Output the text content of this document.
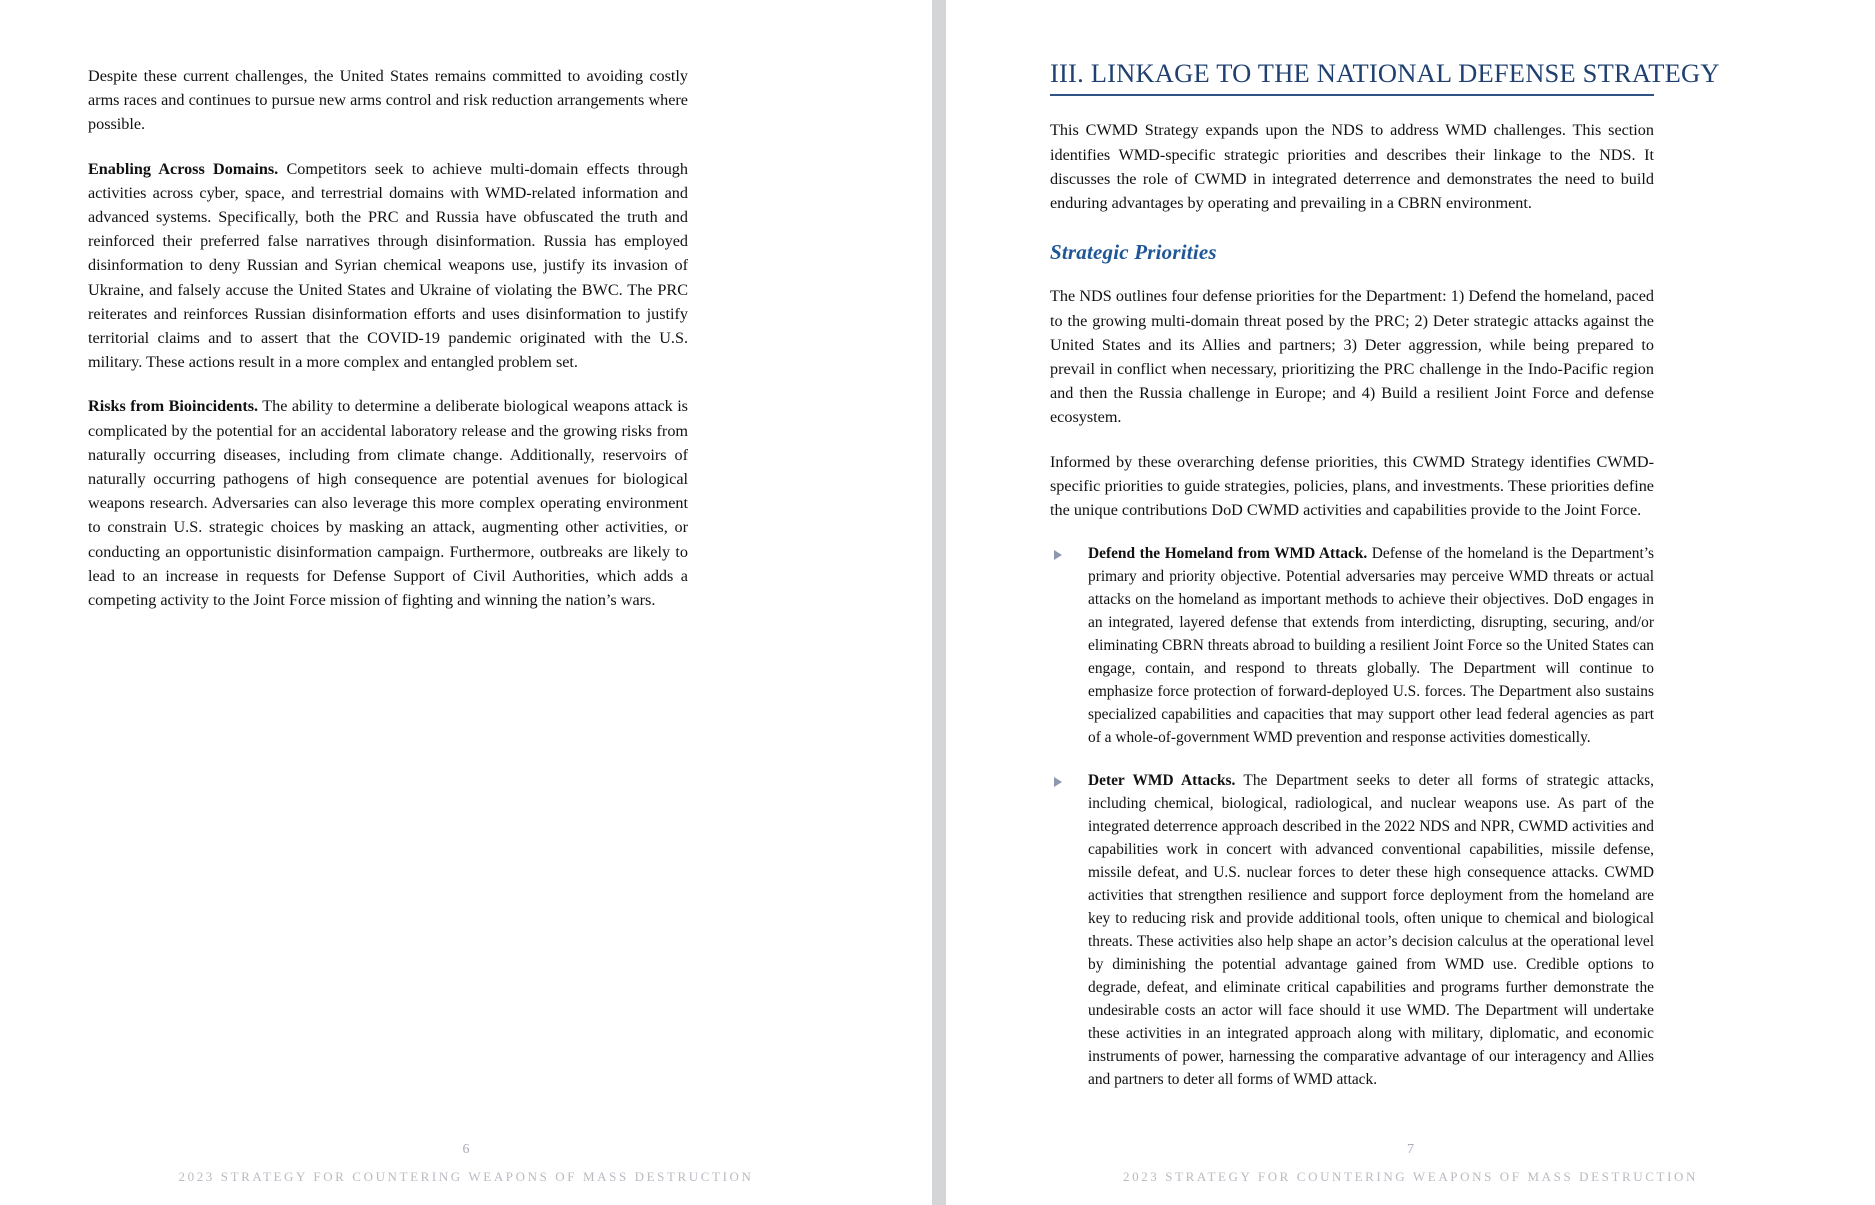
Despite these current challenges, the United States remains committed to avoiding costly arms races and continues to pursue new arms control and risk reduction arrangements where possible.

Enabling Across Domains. Competitors seek to achieve multi-domain effects through activities across cyber, space, and terrestrial domains with WMD-related information and advanced systems. Specifically, both the PRC and Russia have obfuscated the truth and reinforced their preferred false narratives through disinformation. Russia has employed disinformation to deny Russian and Syrian chemical weapons use, justify its invasion of Ukraine, and falsely accuse the United States and Ukraine of violating the BWC. The PRC reiterates and reinforces Russian disinformation efforts and uses disinformation to justify territorial claims and to assert that the COVID-19 pandemic originated with the U.S. military. These actions result in a more complex and entangled problem set.

Risks from Bioincidents. The ability to determine a deliberate biological weapons attack is complicated by the potential for an accidental laboratory release and the growing risks from naturally occurring diseases, including from climate change. Additionally, reservoirs of naturally occurring pathogens of high consequence are potential avenues for biological weapons research. Adversaries can also leverage this more complex operating environment to constrain U.S. strategic choices by masking an attack, augmenting other activities, or conducting an opportunistic disinformation campaign. Furthermore, outbreaks are likely to lead to an increase in requests for Defense Support of Civil Authorities, which adds a competing activity to the Joint Force mission of fighting and winning the nation’s wars.

6
2023 STRATEGY FOR COUNTERING WEAPONS OF MASS DESTRUCTION
III. LINKAGE TO THE NATIONAL DEFENSE STRATEGY

This CWMD Strategy expands upon the NDS to address WMD challenges. This section identifies WMD-specific strategic priorities and describes their linkage to the NDS. It discusses the role of CWMD in integrated deterrence and demonstrates the need to build enduring advantages by operating and prevailing in a CBRN environment.

Strategic Priorities

The NDS outlines four defense priorities for the Department: 1) Defend the homeland, paced to the growing multi-domain threat posed by the PRC; 2) Deter strategic attacks against the United States and its Allies and partners; 3) Deter aggression, while being prepared to prevail in conflict when necessary, prioritizing the PRC challenge in the Indo-Pacific region and then the Russia challenge in Europe; and 4) Build a resilient Joint Force and defense ecosystem.

Informed by these overarching defense priorities, this CWMD Strategy identifies CWMD-specific priorities to guide strategies, policies, plans, and investments. These priorities define the unique contributions DoD CWMD activities and capabilities provide to the Joint Force.

Defend the Homeland from WMD Attack. Defense of the homeland is the Department’s primary and priority objective. Potential adversaries may perceive WMD threats or actual attacks on the homeland as important methods to achieve their objectives. DoD engages in an integrated, layered defense that extends from interdicting, disrupting, securing, and/or eliminating CBRN threats abroad to building a resilient Joint Force so the United States can engage, contain, and respond to threats globally. The Department will continue to emphasize force protection of forward-deployed U.S. forces. The Department also sustains specialized capabilities and capacities that may support other lead federal agencies as part of a whole-of-government WMD prevention and response activities domestically.
Deter WMD Attacks. The Department seeks to deter all forms of strategic attacks, including chemical, biological, radiological, and nuclear weapons use. As part of the integrated deterrence approach described in the 2022 NDS and NPR, CWMD activities and capabilities work in concert with advanced conventional capabilities, missile defense, missile defeat, and U.S. nuclear forces to deter these high consequence attacks. CWMD activities that strengthen resilience and support force deployment from the homeland are key to reducing risk and provide additional tools, often unique to chemical and biological threats. These activities also help shape an actor’s decision calculus at the operational level by diminishing the potential advantage gained from WMD use. Credible options to degrade, defeat, and eliminate critical capabilities and programs further demonstrate the undesirable costs an actor will face should it use WMD. The Department will undertake these activities in an integrated approach along with military, diplomatic, and economic instruments of power, harnessing the comparative advantage of our interagency and Allies and partners to deter all forms of WMD attack.
7
2023 STRATEGY FOR COUNTERING WEAPONS OF MASS DESTRUCTION
